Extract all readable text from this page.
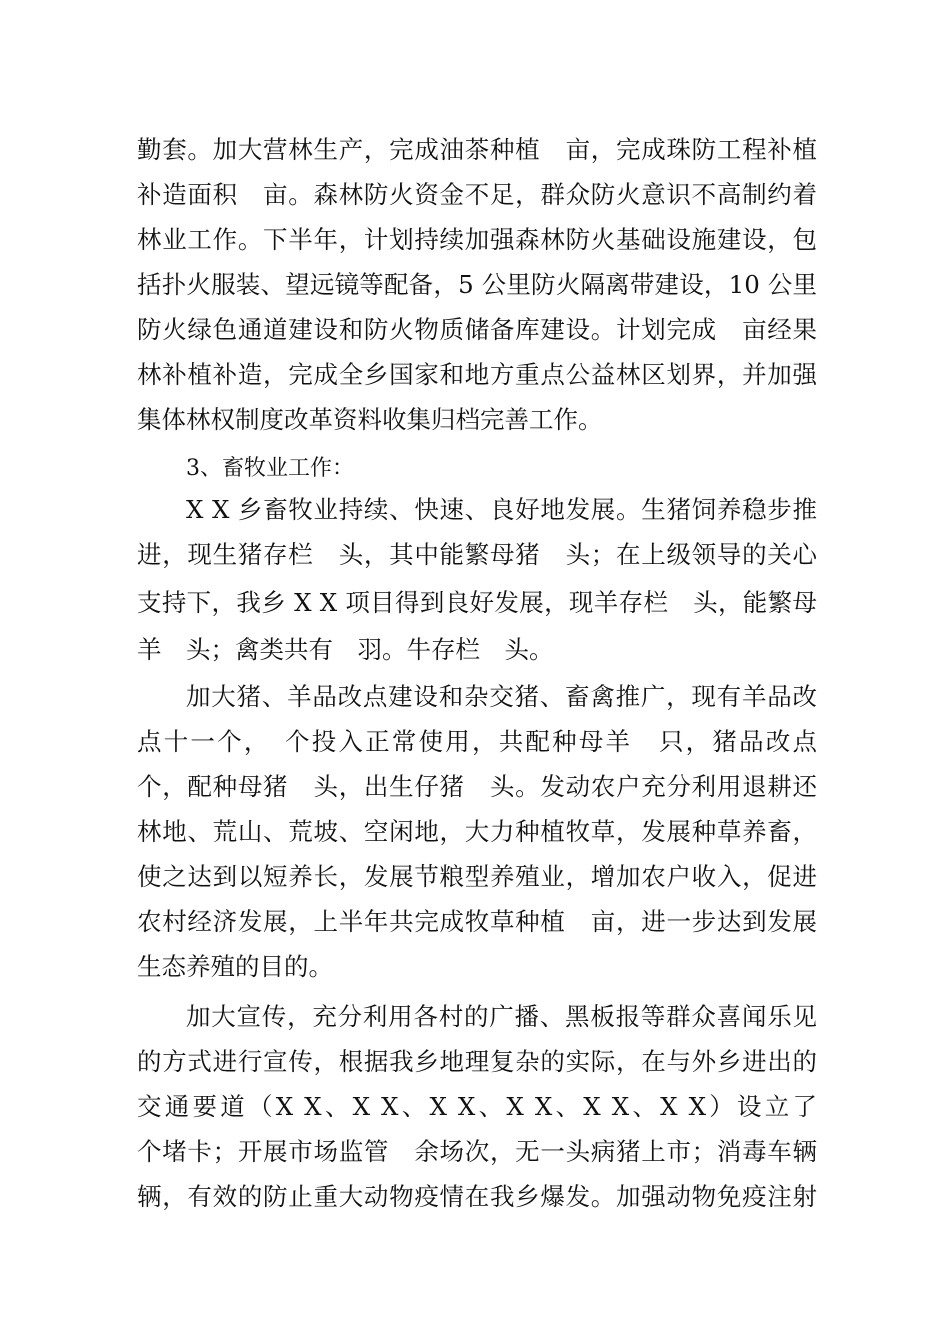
勤套。加大营林生产，完成油茶种植　亩，完成珠防工程补植
补造面积　亩。森林防火资金不足，群众防火意识不高制约着
林业工作。下半年，计划持续加强森林防火基础设施建设，包
括扑火服装、望远镜等配备，5 公里防火隔离带建设，10 公里
防火绿色通道建设和防火物质储备库建设。计划完成　亩经果
林补植补造，完成全乡国家和地方重点公益林区划界，并加强
集体林权制度改革资料收集归档完善工作。
3、畜牧业工作：
X X 乡畜牧业持续、快速、良好地发展。生猪饲养稳步推
进，现生猪存栏　头，其中能繁母猪　头；在上级领导的关心
支持下，我乡 X X 项目得到良好发展，现羊存栏　头，能繁母
羊　头；禽类共有　羽。牛存栏　头。
加大猪、羊品改点建设和杂交猪、畜禽推广，现有羊品改
点十一个，　个投入正常使用，共配种母羊　只，猪品改点
个，配种母猪　头，出生仔猪　头。发动农户充分利用退耕还
林地、荒山、荒坡、空闲地，大力种植牧草，发展种草养畜，
使之达到以短养长，发展节粮型养殖业，增加农户收入，促进
农村经济发展，上半年共完成牧草种植　亩，进一步达到发展
生态养殖的目的。
加大宣传，充分利用各村的广播、黑板报等群众喜闻乐见
的方式进行宣传，根据我乡地理复杂的实际，在与外乡进出的
交通要道（X X、X X、X X、X X、X X、X X）设立了
个堵卡；开展市场监管　余场次，无一头病猪上市；消毒车辆
辆，有效的防止重大动物疫情在我乡爆发。加强动物免疫注射
